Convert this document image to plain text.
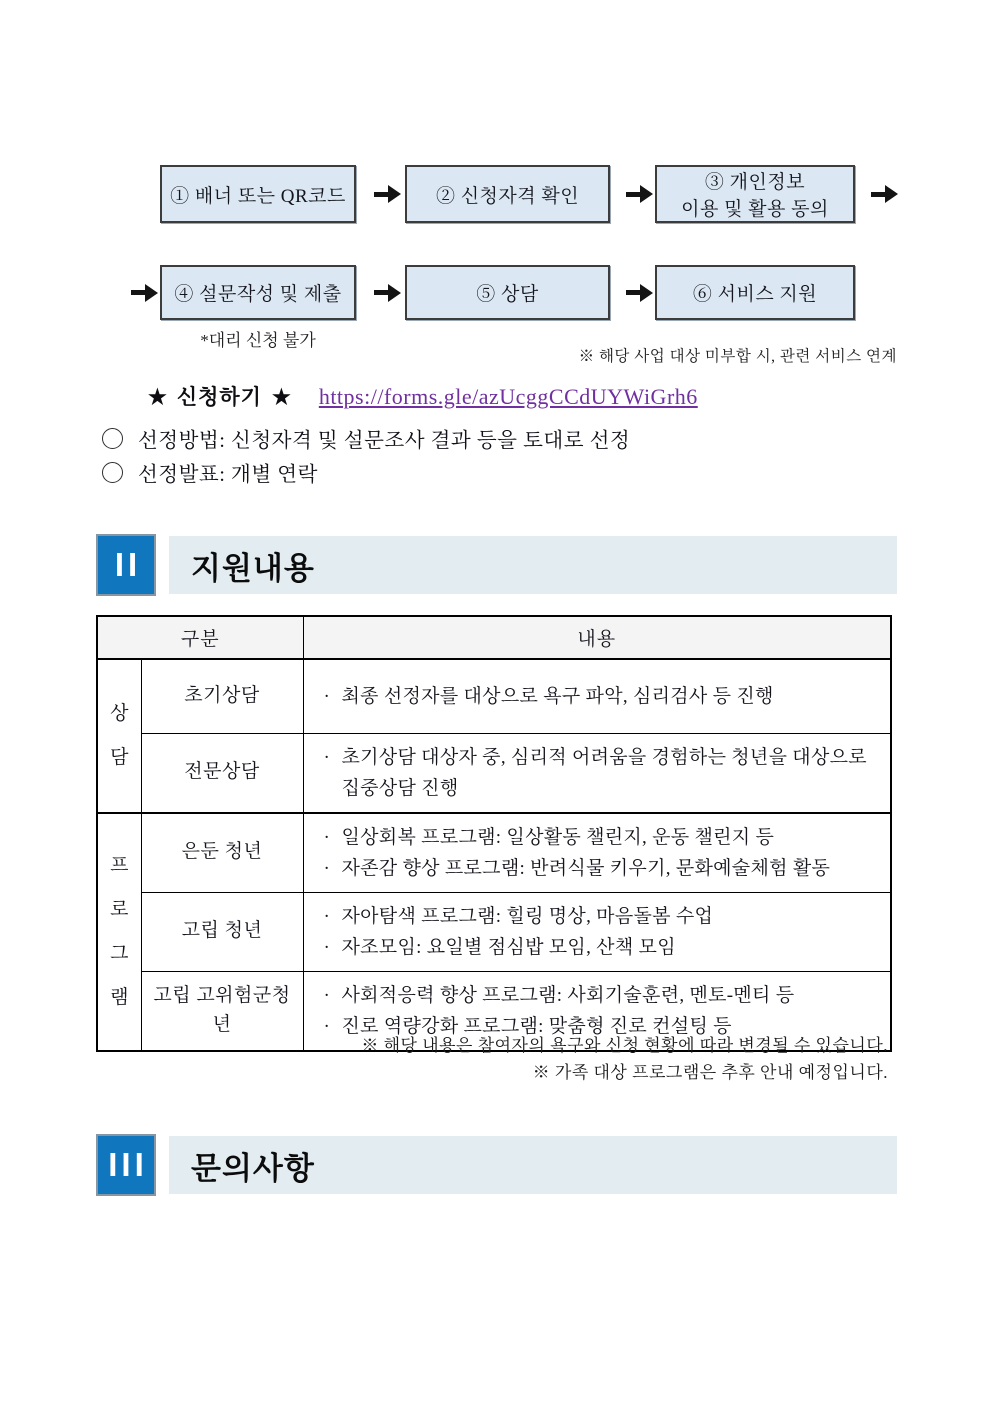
① 배너 또는 QR코드	② 신청자격 확인
③ 개인정보
이용 및 활용 동의
④ 설문작성 및 제출	⑤ 상담	⑥ 서비스 지원
*대리 신청 불가
※ 해당 사업 대상 미부합 시, 관련 서비스 연계
★ 신청하기 ★ https://forms.gle/azUcggCCdUYWiGrh6
선정방법: 신청자격 및 설문조사 결과 등을 토대로 선정
선정발표: 개별 연락
II	지원내용
구분		내용

상담	초기상담	· 최종 선정자를 대상으로 욕구 파악, 심리검사 등 진행

	전문상담	· 초기상담 대상자 중, 심리적 어려움을 경험하는 청년을 대상으로 집중상담 진행

프로그램	은둔 청년	· 일상회복 프로그램: 일상활동 챌린지, 운동 챌린지 등
· 자존감 향상 프로그램: 반려식물 키우기, 문화예술체험 활동

	고립 청년	· 자아탐색 프로그램: 힐링 명상, 마음돌봄 수업
· 자조모임: 요일별 점심밥 모임, 산책 모임

	고립 고위험군청년	· 사회적응력 향상 프로그램: 사회기술훈련, 멘토-멘티 등
· 진로 역량강화 프로그램: 맞춤형 진로 컨설팅 등
※ 해당 내용은 참여자의 욕구와 신청 현황에 따라 변경될 수 있습니다.
※ 가족 대상 프로그램은 추후 안내 예정입니다.
III 문의사항
